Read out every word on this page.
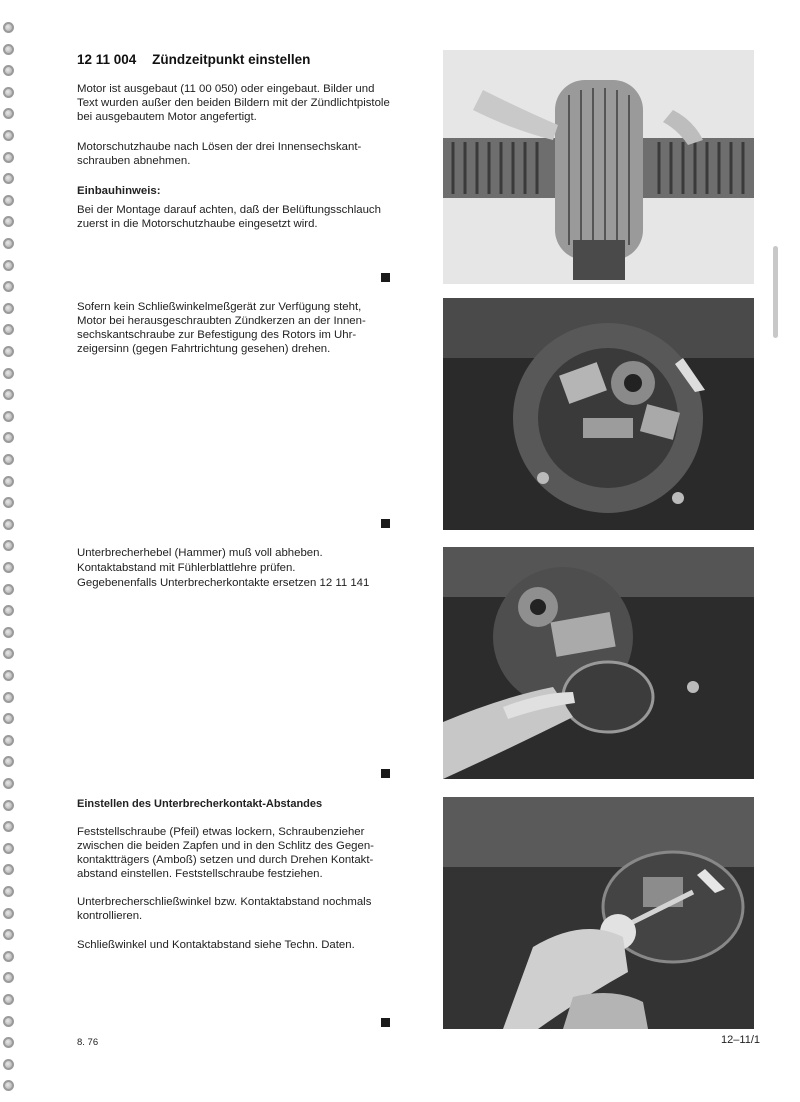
12 11 004 Zündzeitpunkt einstellen
Motor ist ausgebaut (11 00 050) oder eingebaut. Bilder und Text wurden außer den beiden Bildern mit der Zündlichtpistole bei ausgebautem Motor angefertigt.
Motorschutzhaube nach Lösen der drei Innensechskant-schrauben abnehmen.
Einbauhinweis:
Bei der Montage darauf achten, daß der Belüftungsschlauch zuerst in die Motorschutzhaube eingesetzt wird.
Sofern kein Schließwinkelmeßgerät zur Verfügung steht, Motor bei herausgeschraubten Zündkerzen an der Innen-sechskantschraube zur Befestigung des Rotors im Uhr-zeigersinn (gegen Fahrtrichtung gesehen) drehen.
Unterbrecherhebel (Hammer) muß voll abheben.
Kontaktabstand mit Fühlerblattlehre prüfen.
Gegebenenfalls Unterbrecherkontakte ersetzen 12 11 141
Einstellen des Unterbrecherkontakt-Abstandes
Feststellschraube (Pfeil) etwas lockern, Schraubenzieher zwischen die beiden Zapfen und in den Schlitz des Gegen-kontaktträgers (Amboß) setzen und durch Drehen Kontakt-abstand einstellen. Feststellschraube festziehen.
Unterbrecherschließwinkel bzw. Kontaktabstand nochmals kontrollieren.
Schließwinkel und Kontaktabstand siehe Techn. Daten.
8. 76	12–11/1
